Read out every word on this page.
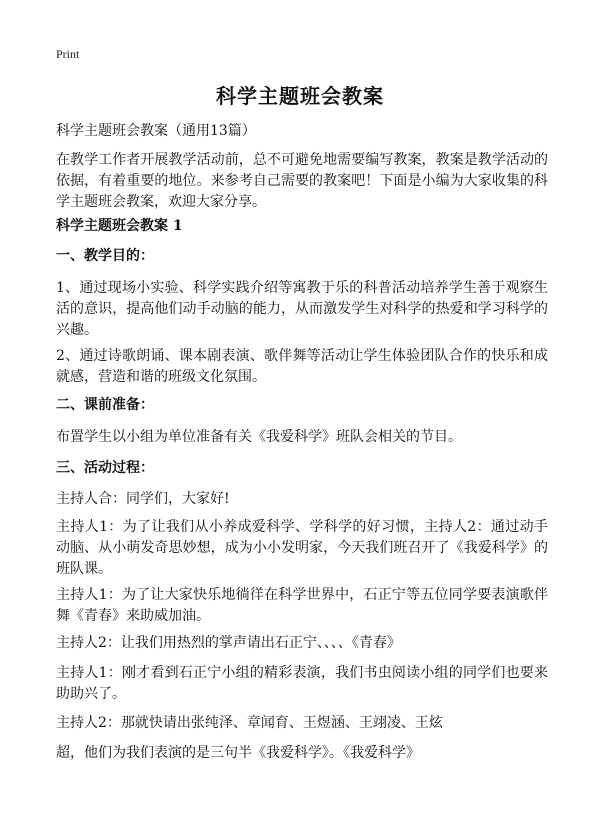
Print
科学主题班会教案

科学主题班会教案（通用13篇）

在教学工作者开展教学活动前，总不可避免地需要编写教案，教案是教学活动的依据，有着重要的地位。来参考自己需要的教案吧！下面是小编为大家收集的科学主题班会教案，欢迎大家分享。

科学主题班会教案 1

一、教学目的：

1、通过现场小实验、科学实践介绍等寓教于乐的科普活动培养学生善于观察生活的意识，提高他们动手动脑的能力，从而激发学生对科学的热爱和学习科学的兴趣。

2、通过诗歌朗诵、课本剧表演、歌伴舞等活动让学生体验团队合作的快乐和成就感，营造和谐的班级文化氛围。

二、课前准备：

布置学生以小组为单位准备有关《我爱科学》班队会相关的节目。

三、活动过程：

主持人合：同学们，大家好!

主持人1：为了让我们从小养成爱科学、学科学的好习惯，主持人2：通过动手动脑、从小萌发奇思妙想，成为小小发明家，今天我们班召开了《我爱科学》的班队课。

主持人1：为了让大家快乐地徜徉在科学世界中，石正宁等五位同学要表演歌伴舞《青春》来助威加油。

主持人2：让我们用热烈的掌声请出石正宁、、、、《青春》

主持人1：刚才看到石正宁小组的精彩表演，我们书虫阅读小组的同学们也要来助助兴了。

主持人2：那就快请出张纯泽、章闻育、王煜涵、王翊凌、王炫

超，他们为我们表演的是三句半《我爱科学》。《我爱科学》
